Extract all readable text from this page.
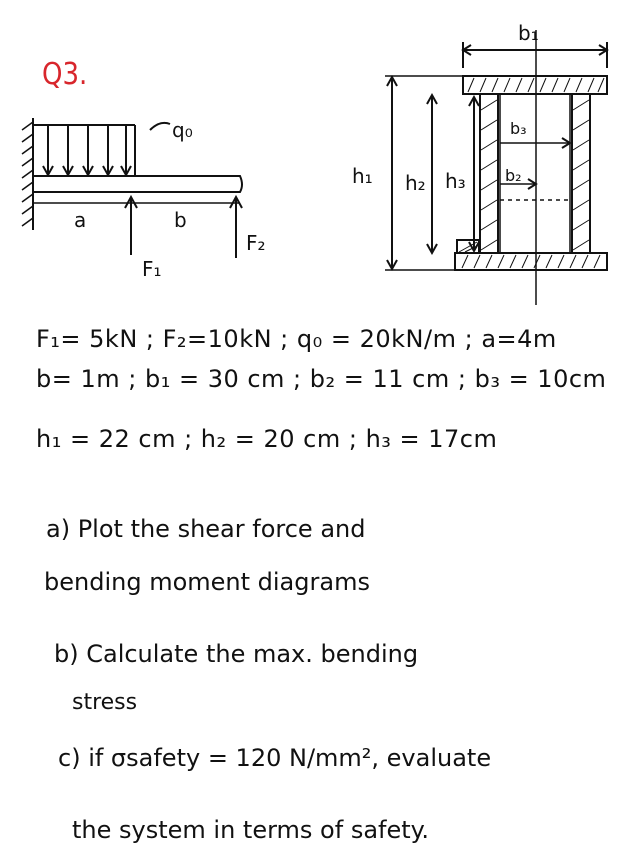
Q3.
q₀
a	b
F₁
F₂
b₁
b₃
b₂
h₁ h₂ h₃
F₁= 5kN ; F₂=10kN ; q₀ = 20kN/m ; a=4m
b= 1m ; b₁ = 30 cm ; b₂ = 11 cm ; b₃ = 10cm
h₁ = 22 cm ; h₂ = 20 cm ; h₃ = 17cm
a) Plot the shear force and
bending moment diagrams
b) Calculate the max. bending
stress
c) if σsafety = 120 N/mm², evaluate
the system in terms of safety.
